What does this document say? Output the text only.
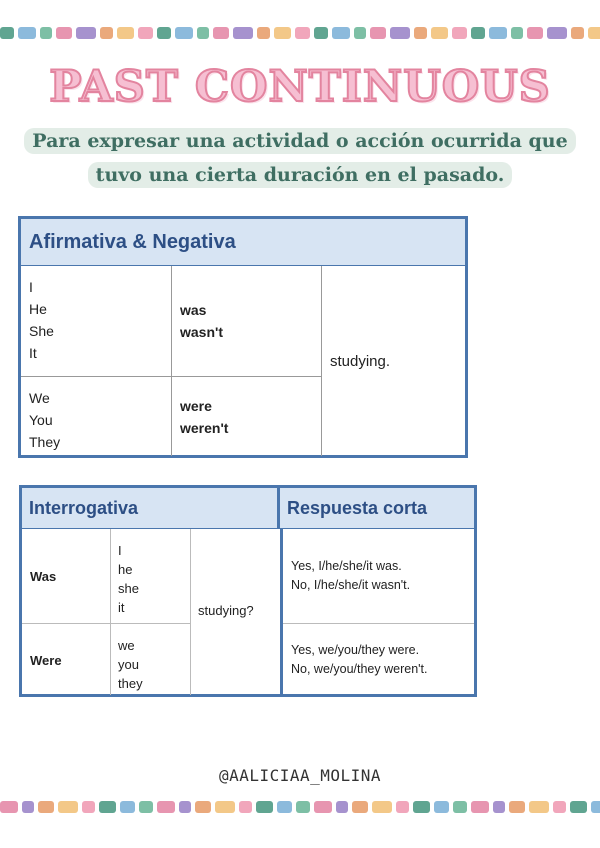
PAST CONTINUOUS
Para expresar una actividad o acción ocurrida que
tuvo una cierta duración en el pasado.
Afirmativa & Negativa
I
He
She
It
We
You
They
was
wasn't
were
weren't
studying.
Interrogativa	Respuesta corta
Was
Were
I
he
she
it
we
you
they
studying?
Yes, I/he/she/it was.
No, I/he/she/it wasn't.
Yes, we/you/they were.
No, we/you/they weren't.
@AALICIAA_MOLINA
